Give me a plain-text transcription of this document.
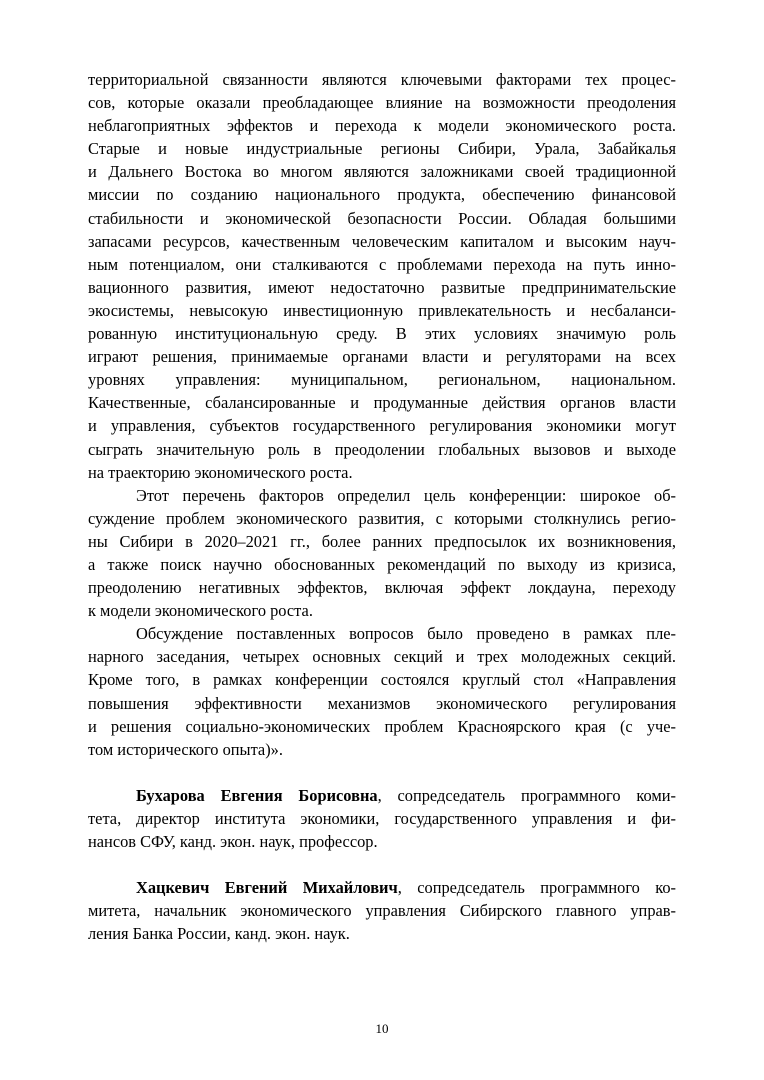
территориальной связанности являются ключевыми факторами тех процес-
сов, которые оказали преобладающее влияние на возможности преодоления
неблагоприятных эффектов и перехода к модели экономического роста.
Старые и новые индустриальные регионы Сибири, Урала, Забайкалья
и Дальнего Востока во многом являются заложниками своей традиционной
миссии по созданию национального продукта, обеспечению финансовой
стабильности и экономической безопасности России. Обладая большими
запасами ресурсов, качественным человеческим капиталом и высоким науч-
ным потенциалом, они сталкиваются с проблемами перехода на путь инно-
вационного развития, имеют недостаточно развитые предпринимательские
экосистемы, невысокую инвестиционную привлекательность и несбаланси-
рованную институциональную среду. В этих условиях значимую роль
играют решения, принимаемые органами власти и регуляторами на всех
уровнях управления: муниципальном, региональном, национальном.
Качественные, сбалансированные и продуманные действия органов власти
и управления, субъектов государственного регулирования экономики могут
сыграть значительную роль в преодолении глобальных вызовов и выходе
на траекторию экономического роста.
Этот перечень факторов определил цель конференции: широкое об-
суждение проблем экономического развития, с которыми столкнулись регио-
ны Сибири в 2020–2021 гг., более ранних предпосылок их возникновения,
а также поиск научно обоснованных рекомендаций по выходу из кризиса,
преодолению негативных эффектов, включая эффект локдауна, переходу
к модели экономического роста.
Обсуждение поставленных вопросов было проведено в рамках пле-
нарного заседания, четырех основных секций и трех молодежных секций.
Кроме того, в рамках конференции состоялся круглый стол «Направления
повышения эффективности механизмов экономического регулирования
и решения социально-экономических проблем Красноярского края (с уче-
том исторического опыта)».
Бухарова Евгения Борисовна, сопредседатель программного коми-
тета, директор института экономики, государственного управления и фи-
нансов СФУ, канд. экон. наук, профессор.
Хацкевич Евгений Михайлович, сопредседатель программного ко-
митета, начальник экономического управления Сибирского главного управ-
ления Банка России, канд. экон. наук.
10
